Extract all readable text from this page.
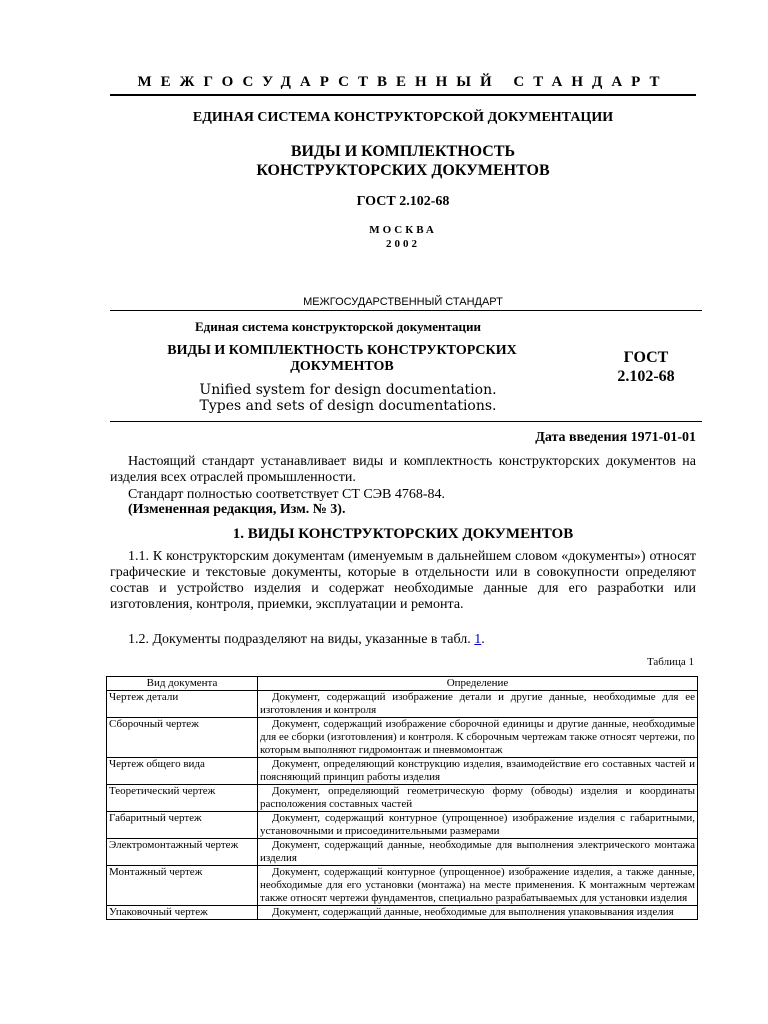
МЕЖГОСУДАРСТВЕННЫЙ СТАНДАРТ
ЕДИНАЯ СИСТЕМА КОНСТРУКТОРСКОЙ ДОКУМЕНТАЦИИ
ВИДЫ И КОМПЛЕКТНОСТЬ
КОНСТРУКТОРСКИХ ДОКУМЕНТОВ
ГОСТ 2.102-68
МОСКВА
2002
МЕЖГОСУДАРСТВЕННЫЙ СТАНДАРТ
Единая система конструкторской документации
ВИДЫ И КОМПЛЕКТНОСТЬ КОНСТРУКТОРСКИХ ДОКУМЕНТОВ
Unified system for design documentation.
Types and sets of design documentations.
ГОСТ
2.102-68
Дата введения 1971-01-01
Настоящий стандарт устанавливает виды и комплектность конструкторских документов на изделия всех отраслей промышленности.
Стандарт полностью соответствует СТ СЭВ 4768-84.
(Измененная редакция, Изм. № 3).
1. ВИДЫ КОНСТРУКТОРСКИХ ДОКУМЕНТОВ
1.1. К конструкторским документам (именуемым в дальнейшем словом «документы») относят графические и текстовые документы, которые в отдельности или в совокупности определяют состав и устройство изделия и содержат необходимые данные для его разработки или изготовления, контроля, приемки, эксплуатации и ремонта.
1.2. Документы подразделяют на виды, указанные в табл. 1.
Таблица 1
Вид документа	Определение
Чертеж детали	Документ, содержащий изображение детали и другие данные, необходимые для ее изготовления и контроля

Сборочный чертеж	Документ, содержащий изображение сборочной единицы и другие данные, необходимые для ее сборки (изготовления) и контроля. К сборочным чертежам также относят чертежи, по которым выполняют гидромонтаж и пневмомонтаж

Чертеж общего вида	Документ, определяющий конструкцию изделия, взаимодействие его составных частей и поясняющий принцип работы изделия

Теоретический чертеж	Документ, определяющий геометрическую форму (обводы) изделия и координаты расположения составных частей

Габаритный чертеж	Документ, содержащий контурное (упрощенное) изображение изделия с габаритными, установочными и присоединительными размерами

Электромонтажный чертеж	Документ, содержащий данные, необходимые для выполнения электрического монтажа изделия

Монтажный чертеж	Документ, содержащий контурное (упрощенное) изображение изделия, а также данные, необходимые для его установки (монтажа) на месте применения. К монтажным чертежам также относят чертежи фундаментов, специально разрабатываемых для установки изделия

Упаковочный чертеж	Документ, содержащий данные, необходимые для выполнения упаковывания изделия
